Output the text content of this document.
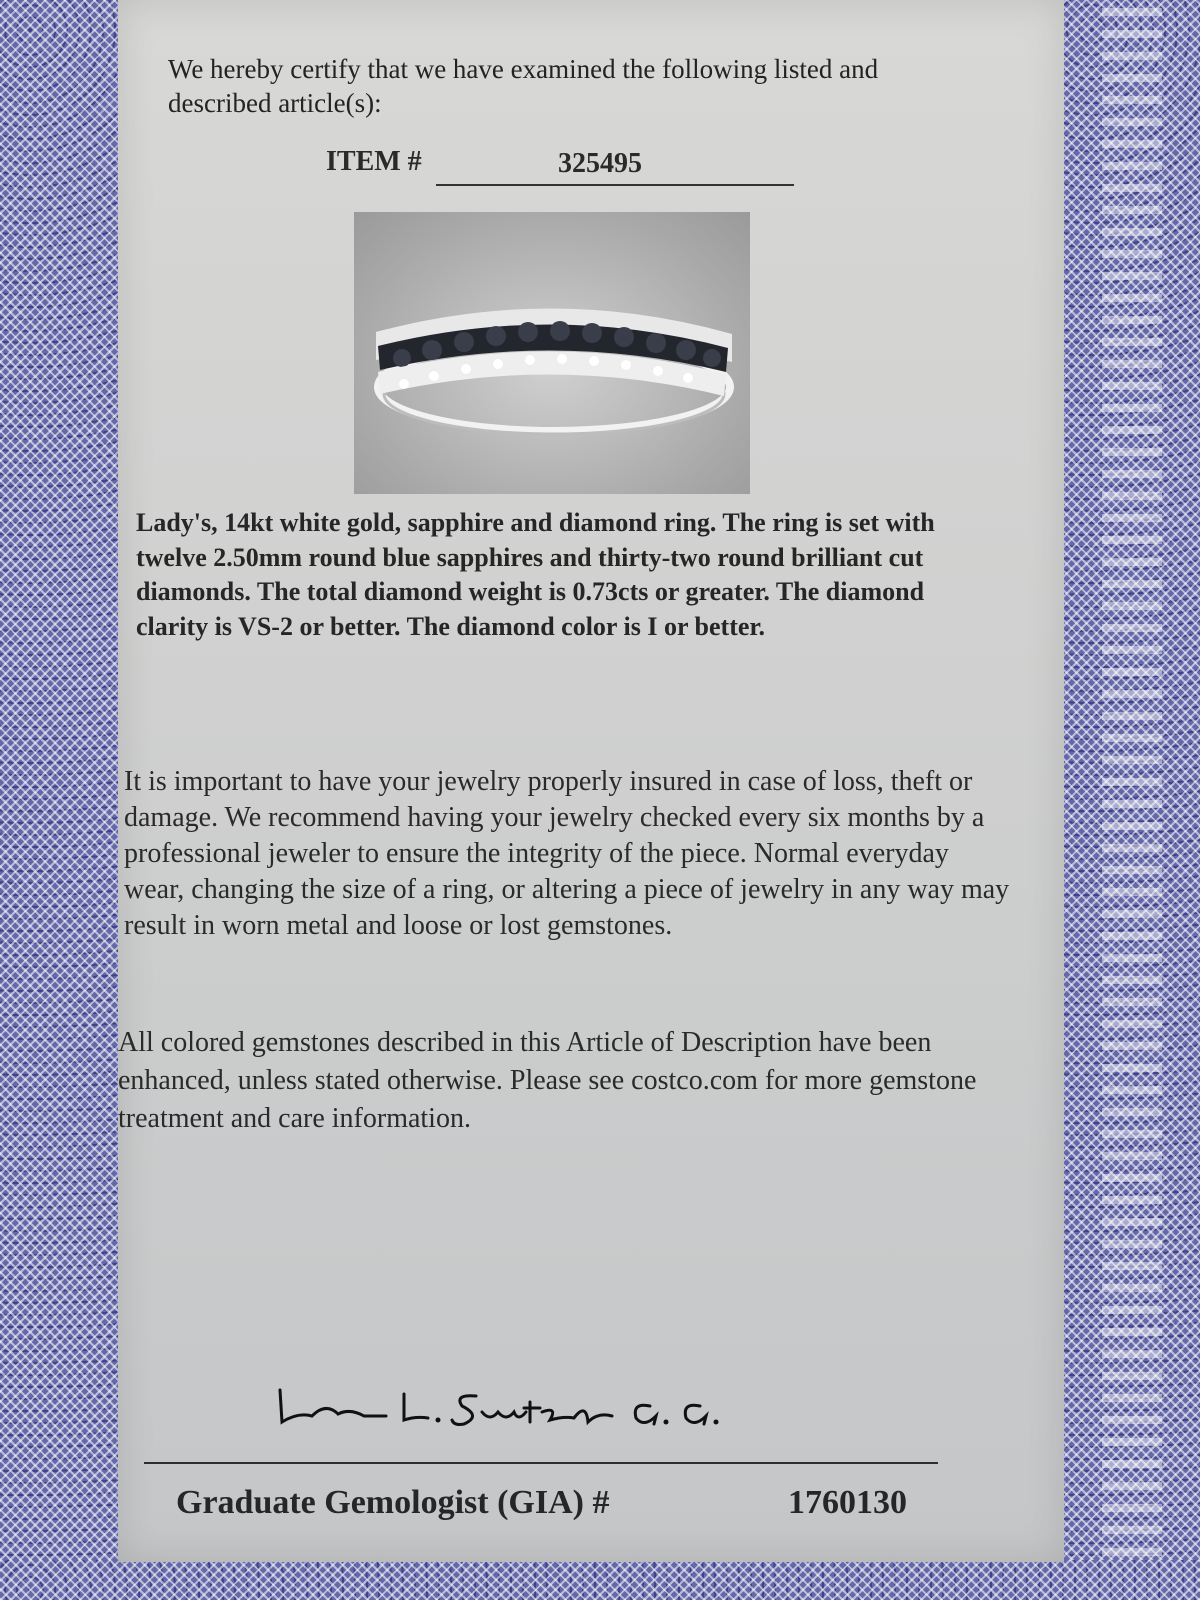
We hereby certify that we have examined the following listed and described article(s):

ITEM #	325495

Lady's, 14kt white gold, sapphire and diamond ring. The ring is set with twelve 2.50mm round blue sapphires and thirty-two round brilliant cut diamonds. The total diamond weight is 0.73cts or greater. The diamond clarity is VS-2 or better. The diamond color is I or better.

It is important to have your jewelry properly insured in case of loss, theft or damage. We recommend having your jewelry checked every six months by a professional jeweler to ensure the integrity of the piece. Normal everyday wear, changing the size of a ring, or altering a piece of jewelry in any way may result in worn metal and loose or lost gemstones.

All colored gemstones described in this Article of Description have been enhanced, unless stated otherwise. Please see costco.com for more gemstone treatment and care information.

Graduate Gemologist (GIA) #	1760130
